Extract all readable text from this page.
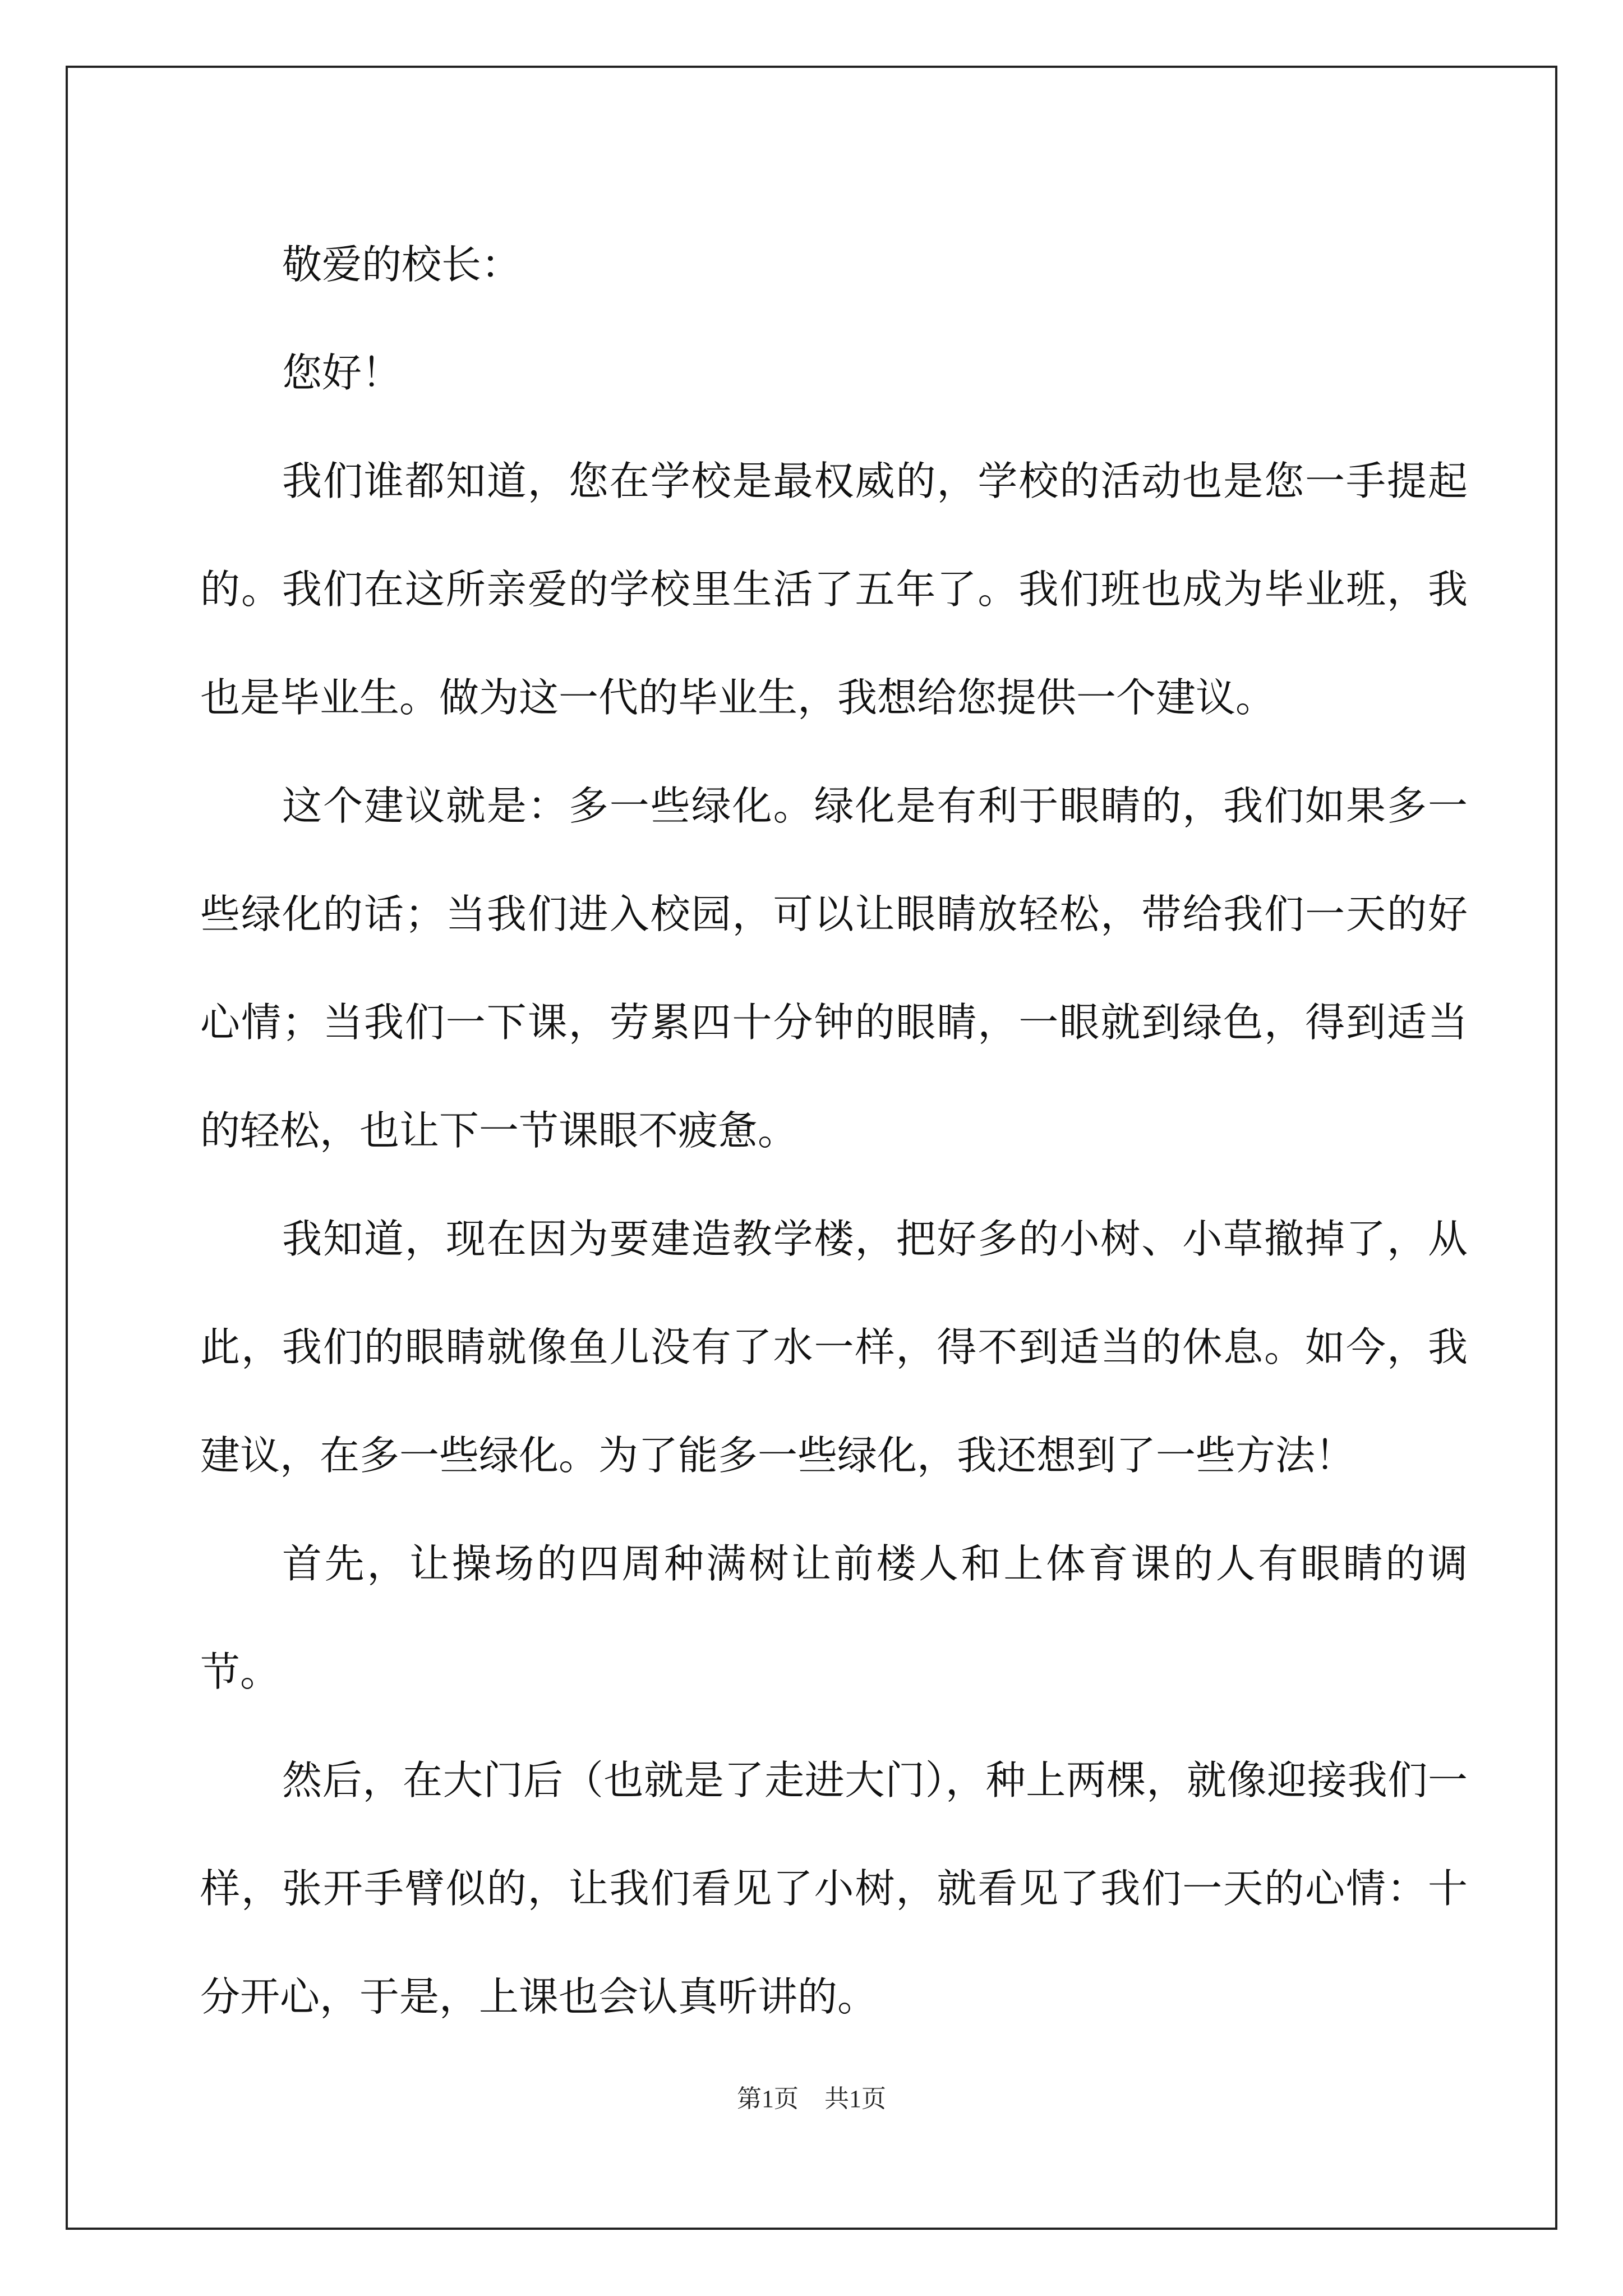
敬爱的校长：

您好！

我们谁都知道，您在学校是最权威的，学校的活动也是您一手提起的。我们在这所亲爱的学校里生活了五年了。我们班也成为毕业班，我也是毕业生。做为这一代的毕业生，我想给您提供一个建议。

这个建议就是：多一些绿化。绿化是有利于眼睛的，我们如果多一些绿化的话；当我们进入校园，可以让眼睛放轻松，带给我们一天的好心情；当我们一下课，劳累四十分钟的眼睛，一眼就到绿色，得到适当的轻松，也让下一节课眼不疲惫。

我知道，现在因为要建造教学楼，把好多的小树、小草撤掉了，从此，我们的眼睛就像鱼儿没有了水一样，得不到适当的休息。如今，我建议，在多一些绿化。为了能多一些绿化，我还想到了一些方法！

首先，让操场的四周种满树让前楼人和上体育课的人有眼睛的调节。

然后，在大门后（也就是了走进大门），种上两棵，就像迎接我们一样，张开手臂似的，让我们看见了小树，就看见了我们一天的心情：十分开心，于是，上课也会认真听讲的。

第1页 共1页
